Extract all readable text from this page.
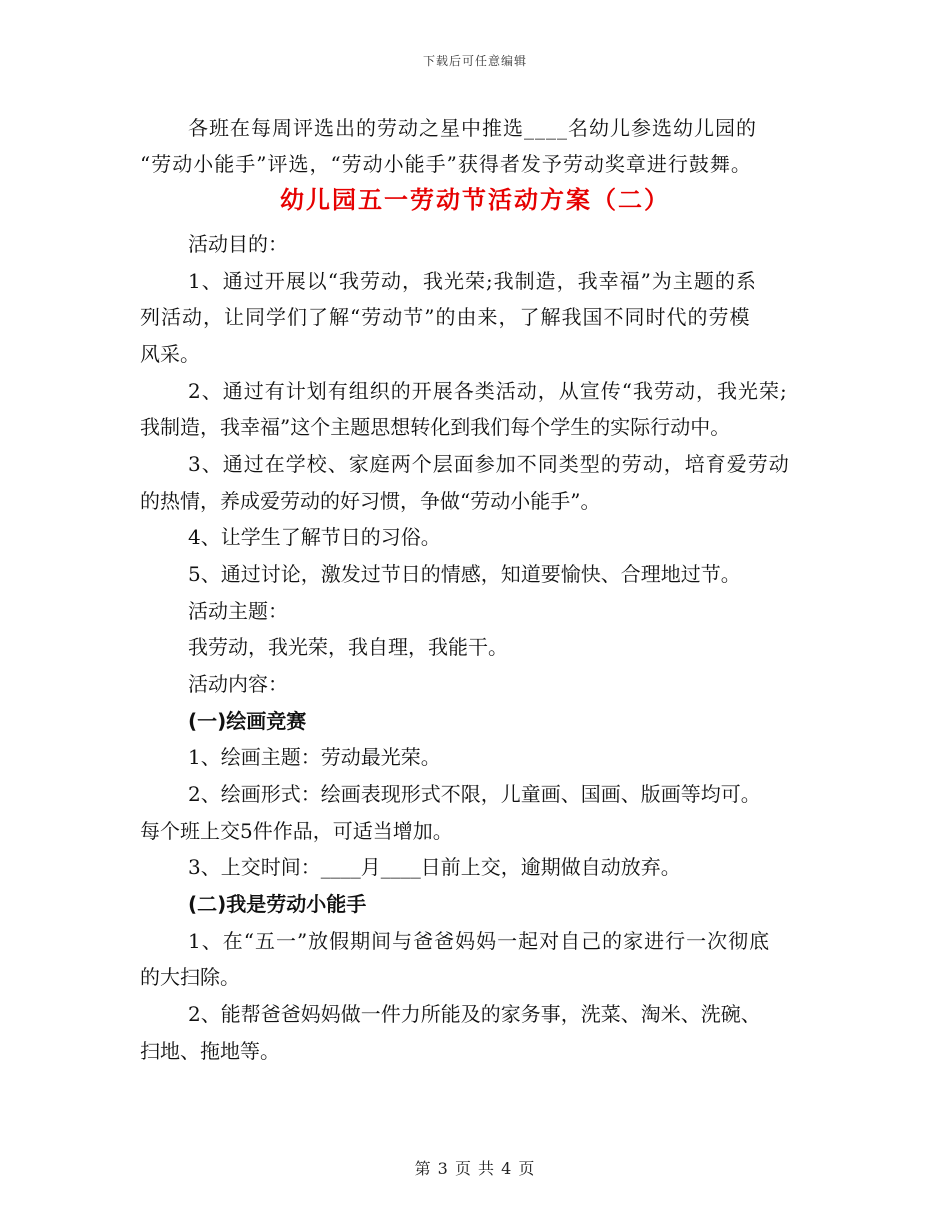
下载后可任意编辑
各班在每周评选出的劳动之星中推选____名幼儿参选幼儿园的
“劳动小能手”评选，“劳动小能手”获得者发予劳动奖章进行鼓舞。
幼儿园五一劳动节活动方案（二）
活动目的：
1、通过开展以“我劳动，我光荣;我制造，我幸福”为主题的系
列活动，让同学们了解“劳动节”的由来，了解我国不同时代的劳模
风采。
2、通过有计划有组织的开展各类活动，从宣传“我劳动，我光荣;
我制造，我幸福”这个主题思想转化到我们每个学生的实际行动中。
3、通过在学校、家庭两个层面参加不同类型的劳动，培育爱劳动
的热情，养成爱劳动的好习惯，争做“劳动小能手”。
4、让学生了解节日的习俗。
5、通过讨论，激发过节日的情感，知道要愉快、合理地过节。
活动主题：
我劳动，我光荣，我自理，我能干。
活动内容：
(一)绘画竞赛
1、绘画主题：劳动最光荣。
2、绘画形式：绘画表现形式不限，儿童画、国画、版画等均可。
每个班上交5件作品，可适当增加。
3、上交时间：____月____日前上交，逾期做自动放弃。
(二)我是劳动小能手
1、在“五一”放假期间与爸爸妈妈一起对自己的家进行一次彻底
的大扫除。
2、能帮爸爸妈妈做一件力所能及的家务事，洗菜、淘米、洗碗、
扫地、拖地等。
第 3 页 共 4 页
